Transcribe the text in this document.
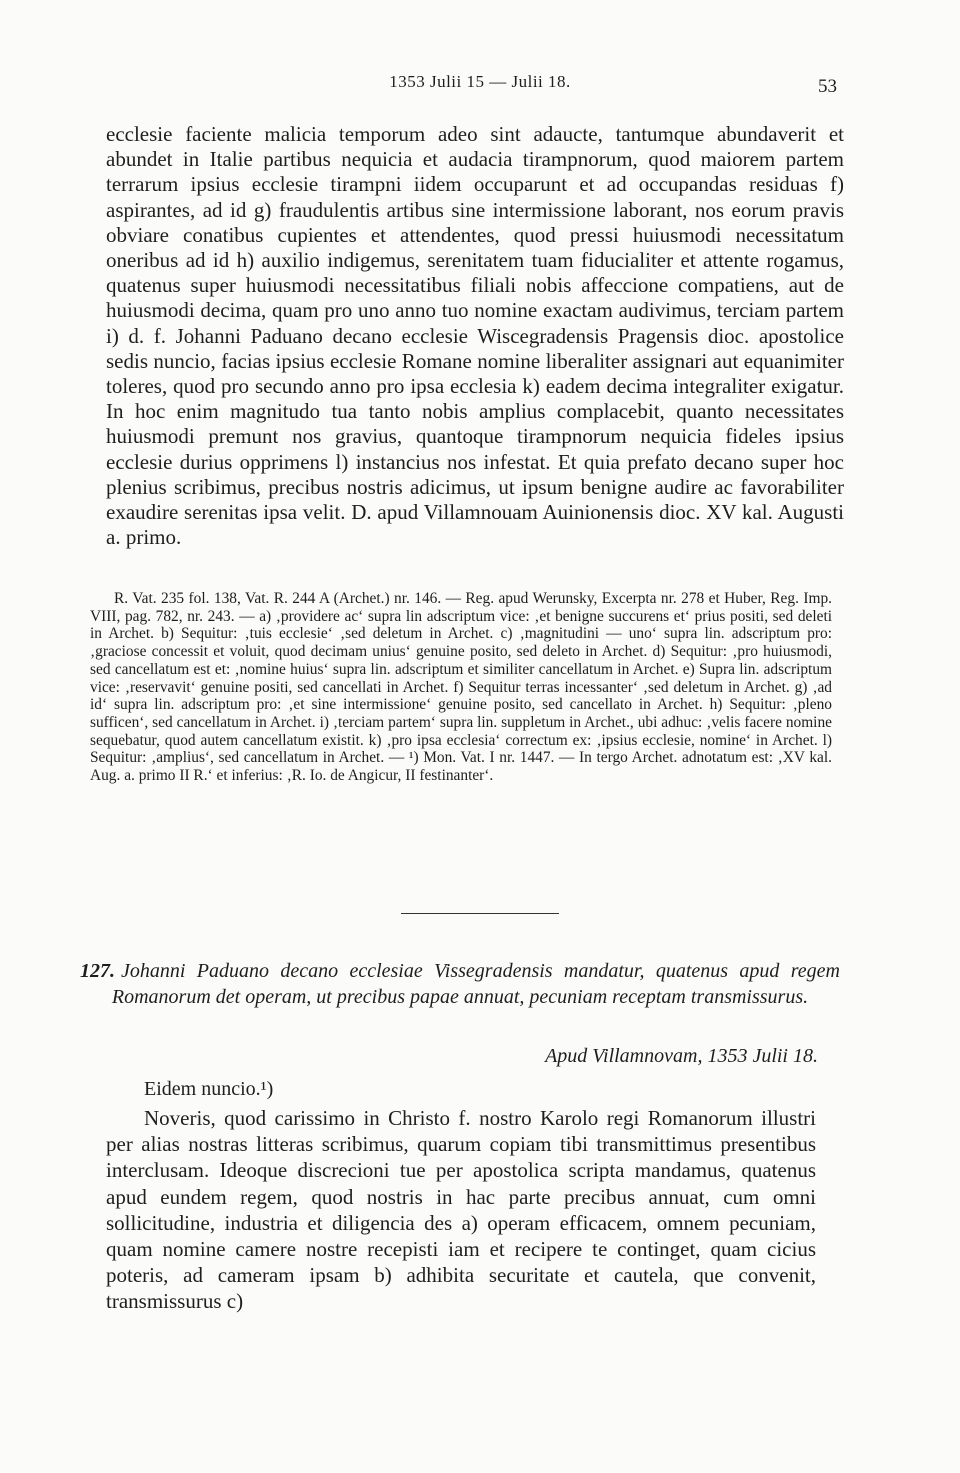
1353 Julii 15 — Julii 18.	53

ecclesie faciente malicia temporum adeo sint adaucte, tantumque abundaverit et abundet in Italie partibus nequicia et audacia tirampnorum, quod maiorem partem terrarum ipsius ecclesie tirampni iidem occuparunt et ad occupandas residuas f) aspirantes, ad id g) fraudulentis artibus sine intermissione laborant, nos eorum pravis obviare conatibus cupientes et attendentes, quod pressi huiusmodi necessitatum oneribus ad id h) auxilio indigemus, serenitatem tuam fiducialiter et attente rogamus, quatenus super huiusmodi necessitatibus filiali nobis affeccione compatiens, aut de huiusmodi decima, quam pro uno anno tuo nomine exactam audivimus, terciam partem i) d. f. Johanni Paduano decano ecclesie Wiscegradensis Pragensis dioc. apostolice sedis nuncio, facias ipsius ecclesie Romane nomine liberaliter assignari aut equanimiter toleres, quod pro secundo anno pro ipsa ecclesia k) eadem decima integraliter exigatur. In hoc enim magnitudo tua tanto nobis amplius complacebit, quanto necessitates huiusmodi premunt nos gravius, quantoque tirampnorum nequicia fideles ipsius ecclesie durius opprimens l) instancius nos infestat. Et quia prefato decano super hoc plenius scribimus, precibus nostris adicimus, ut ipsum benigne audire ac favorabiliter exaudire serenitas ipsa velit. D. apud Villamnouam Auinionensis dioc. XV kal. Augusti a. primo.

R. Vat. 235 fol. 138, Vat. R. 244 A (Archet.) nr. 146. — Reg. apud Werunsky, Excerpta nr. 278 et Huber, Reg. Imp. VIII, pag. 782, nr. 243. — a) ‚providere ac‘ supra lin adscriptum vice: ‚et benigne succurens et‘ prius positi, sed deleti in Archet. b) Sequitur: ‚tuis ecclesie‘ ‚sed deletum in Archet. c) ‚magnitudini — uno‘ supra lin. adscriptum pro: ‚graciose concessit et voluit, quod decimam unius‘ genuine posito, sed deleto in Archet. d) Sequitur: ‚pro huiusmodi, sed cancellatum est et: ‚nomine huius‘ supra lin. adscriptum et similiter cancellatum in Archet. e) Supra lin. adscriptum vice: ‚reservavit‘ genuine positi, sed cancellati in Archet. f) Sequitur terras incessanter‘ ‚sed deletum in Archet. g) ‚ad id‘ supra lin. adscriptum pro: ‚et sine intermissione‘ genuine posito, sed cancellato in Archet. h) Sequitur: ‚pleno sufficen‘, sed cancellatum in Archet. i) ‚terciam partem‘ supra lin. suppletum in Archet., ubi adhuc: ‚velis facere nomine sequebatur, quod autem cancellatum existit. k) ‚pro ipsa ecclesia‘ correctum ex: ‚ipsius ecclesie, nomine‘ in Archet. l) Sequitur: ‚amplius‘, sed cancellatum in Archet. — ¹) Mon. Vat. I nr. 1447. — In tergo Archet. adnotatum est: ‚XV kal. Aug. a. primo II R.‘ et inferius: ‚R. Io. de Angicur, II festinanter‘.

127. Johanni Paduano decano ecclesiae Vissegradensis mandatur, quatenus apud regem Romanorum det operam, ut precibus papae annuat, pecuniam receptam transmissurus.
Apud Villamnovam, 1353 Julii 18.
Eidem nuncio.¹)

Noveris, quod carissimo in Christo f. nostro Karolo regi Romanorum illustri per alias nostras litteras scribimus, quarum copiam tibi transmittimus presentibus interclusam. Ideoque discrecioni tue per apostolica scripta mandamus, quatenus apud eundem regem, quod nostris in hac parte precibus annuat, cum omni sollicitudine, industria et diligencia des a) operam efficacem, omnem pecuniam, quam nomine camere nostre recepisti iam et recipere te continget, quam cicius poteris, ad cameram ipsam b) adhibita securitate et cautela, que convenit, transmissurus c)
